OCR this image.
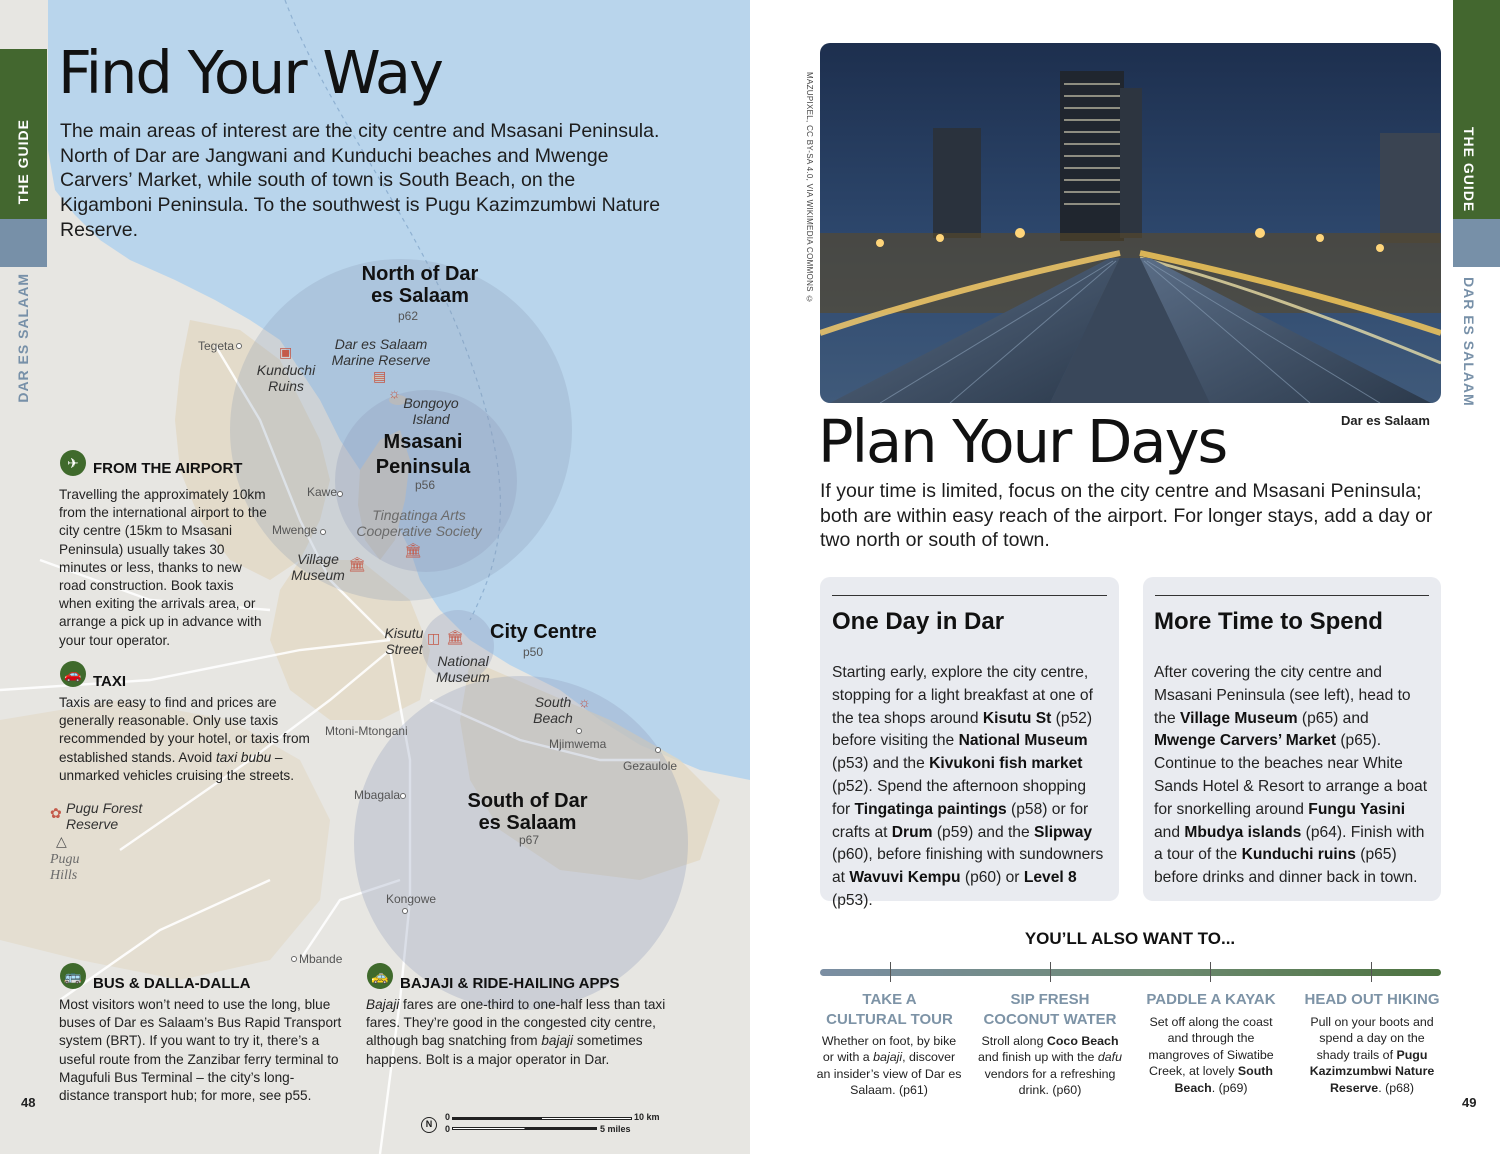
THE GUIDE
DAR ES SALAAM
Find Your Way
The main areas of interest are the city centre and Msasani Peninsula. North of Dar are Jangwani and Kunduchi beaches and Mwenge Carvers’ Market, while south of town is South Beach, on the Kigamboni Peninsula. To the southwest is Pugu Kazimzumbwi Nature Reserve.
North of Dar
es Salaam
p62
Msasani
Peninsula
p56
City Centre
p50
South of Dar
es Salaam
p67
Tegeta
Kawe
Mwenge
Mtoni-Mtongani
Mjimwema
Gezaulole
Mbagala
Kongowe
Mbande
▣
Kunduchi
Ruins
Dar es Salaam
Marine Reserve
▤
☼
Bongoyo
Island
Tingatinga Arts
Cooperative Society
🏛
Village
Museum
🏛
Kisutu
Street
◫ 🏛
National
Museum
South
Beach
☼
✿ Pugu Forest
Reserve
△
Pugu
Hills
✈ FROM THE AIRPORT
Travelling the approximately 10km from the international airport to the city centre (15km to Msasani Peninsula) usually takes 30 minutes or less, thanks to new road construction. Book taxis when exiting the arrivals area, or arrange a pick up in advance with your tour operator.
🚗 TAXI
Taxis are easy to find and prices are generally reasonable. Only use taxis recommended by your hotel, or taxis from established stands. Avoid taxi bubu – unmarked vehicles cruising the streets.
🚌 BUS & DALLA-DALLA
Most visitors won’t need to use the long, blue buses of Dar es Salaam’s Bus Rapid Transport system (BRT). If you want to try it, there’s a useful route from the Zanzibar ferry terminal to Magufuli Bus Terminal – the city’s long-distance transport hub; for more, see p55.
🚕 BAJAJI & RIDE-HAILING APPS
Bajaji fares are one-third to one-half less than taxi fares. They’re good in the congested city centre, although bag snatching from bajaji sometimes happens. Bolt is a major operator in Dar.
N
0	10 km
0	5 miles
48
THE GUIDE
DAR ES SALAAM
MAZUPIXEL, CC BY-SA 4.0, VIA WIKIMEDIA COMMONS ©
Dar es Salaam
Plan Your Days
If your time is limited, focus on the city centre and Msasani Peninsula; both are within easy reach of the airport. For longer stays, add a day or two north or south of town.
One Day in Dar
Starting early, explore the city centre, stopping for a light breakfast at one of the tea shops around Kisutu St (p52) before visiting the National Museum (p53) and the Kivukoni fish market (p52). Spend the afternoon shopping for Tingatinga paintings (p58) or for crafts at Drum (p59) and the Slipway (p60), before finishing with sundowners at Wavuvi Kempu (p60) or Level 8 (p53).
More Time to Spend
After covering the city centre and Msasani Peninsula (see left), head to the Village Museum (p65) and Mwenge Carvers’ Market (p65). Continue to the beaches near White Sands Hotel & Resort to arrange a boat for snorkelling around Fungu Yasini and Mbudya islands (p64). Finish with a tour of the Kunduchi ruins (p65) before drinks and dinner back in town.
YOU’LL ALSO WANT TO...
TAKE A
CULTURAL TOUR
Whether on foot, by bike or with a bajaji, discover an insider’s view of Dar es Salaam. (p61)
SIP FRESH
COCONUT WATER
Stroll along Coco Beach and finish up with the dafu vendors for a refreshing drink. (p60)
PADDLE A KAYAK
Set off along the coast and through the mangroves of Siwatibe Creek, at lovely South Beach. (p69)
HEAD OUT HIKING
Pull on your boots and spend a day on the shady trails of Pugu Kazimzumbwi Nature Reserve. (p68)
49
